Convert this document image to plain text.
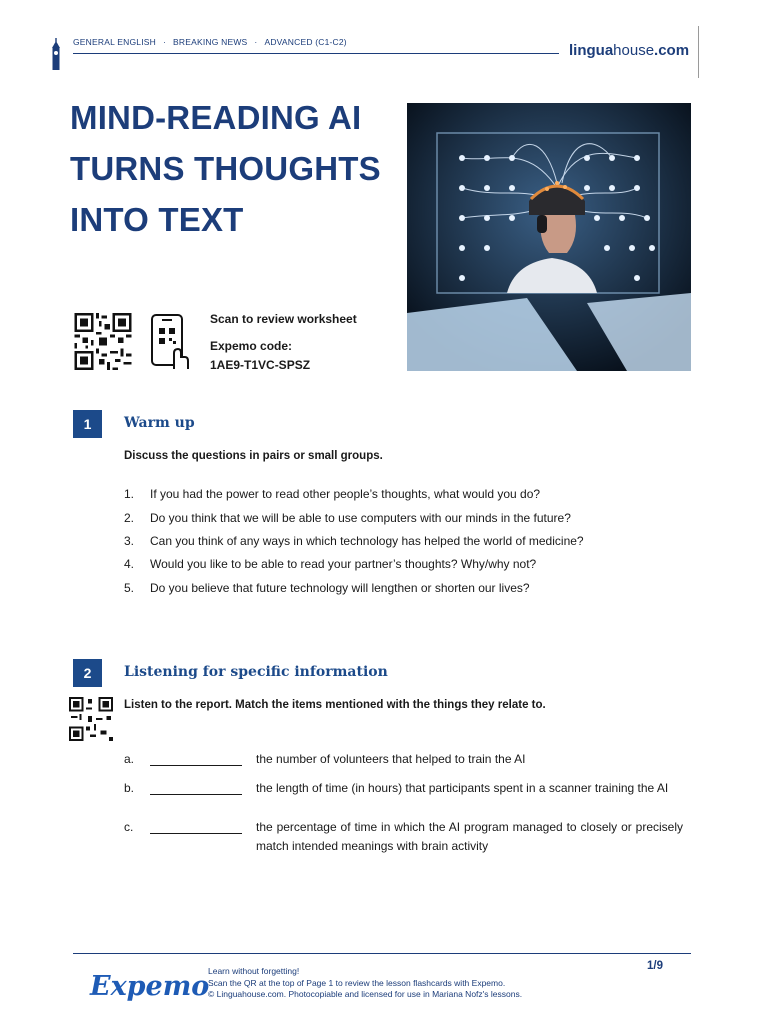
GENERAL ENGLISH · BREAKING NEWS · ADVANCED (C1-C2)	linguahouse.com
MIND-READING AI TURNS THOUGHTS INTO TEXT
Scan to review worksheet
Expemo code:
1AE9-T1VC-SPSZ
1	Warm up
Discuss the questions in pairs or small groups.
1. If you had the power to read other people’s thoughts, what would you do?
2. Do you think that we will be able to use computers with our minds in the future?
3. Can you think of any ways in which technology has helped the world of medicine?
4. Would you like to be able to read your partner’s thoughts? Why/why not?
5. Do you believe that future technology will lengthen or shorten our lives?
2	Listening for specific information
Listen to the report. Match the items mentioned with the things they relate to.
a.	the number of volunteers that helped to train the AI
b.	the length of time (in hours) that participants spent in a scanner training the AI
c.	the percentage of time in which the AI program managed to closely or precisely match intended meanings with brain activity
Expemo
Learn without forgetting!
Scan the QR at the top of Page 1 to review the lesson flashcards with Expemo.
© Linguahouse.com. Photocopiable and licensed for use in Mariana Nofz's lessons.
1/9
